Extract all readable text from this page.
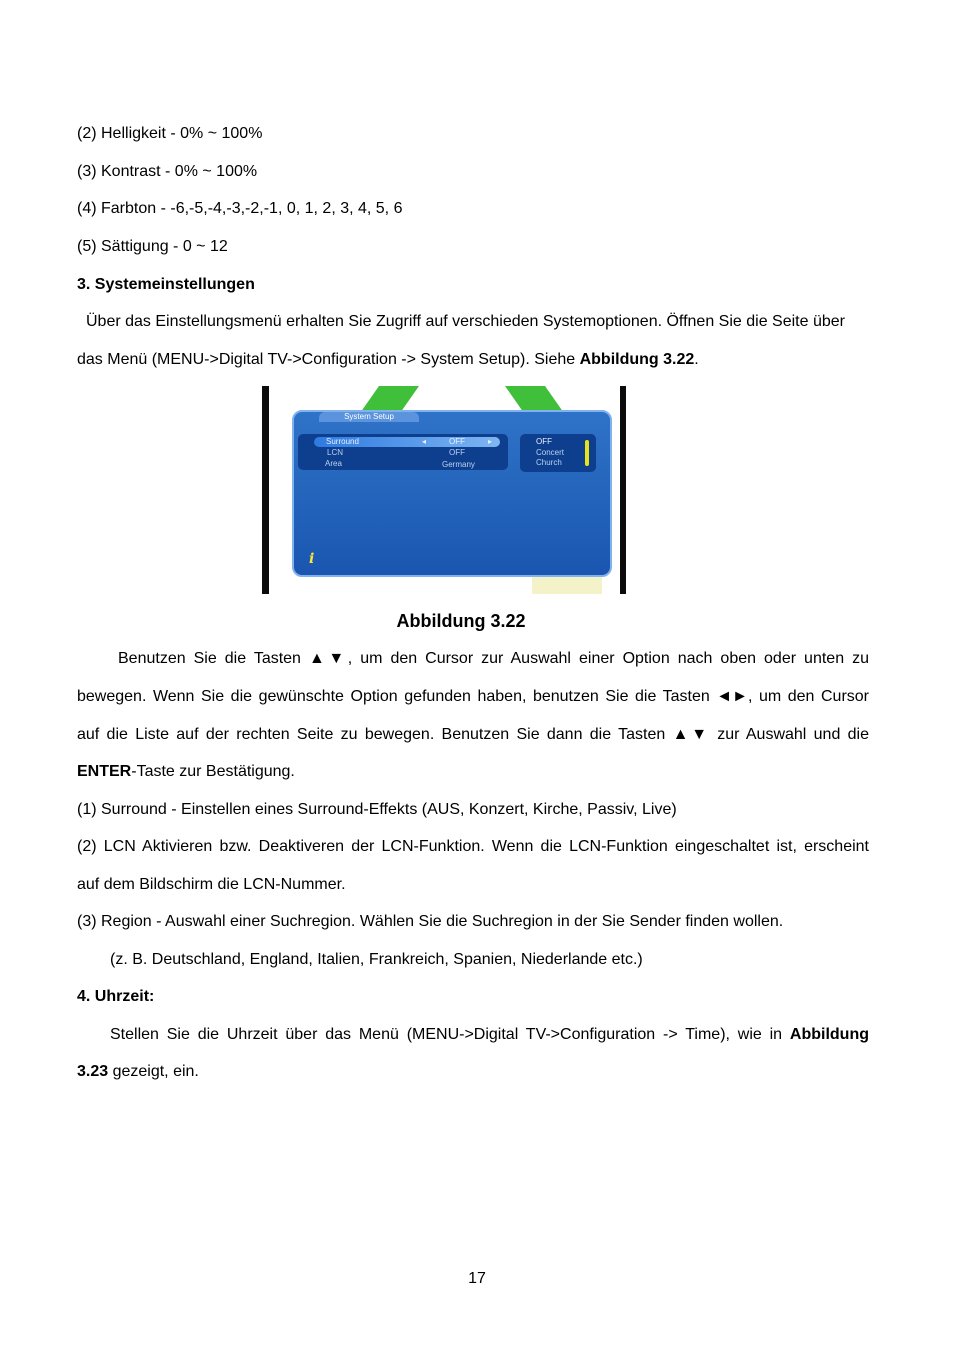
(2) Helligkeit - 0% ~ 100%
(3) Kontrast - 0% ~ 100%
(4) Farbton - -6,-5,-4,-3,-2,-1, 0, 1, 2, 3, 4, 5, 6
(5) Sättigung - 0 ~ 12
3. Systemeinstellungen
Über das Einstellungsmenü erhalten Sie Zugriff auf verschieden Systemoptionen. Öffnen Sie die Seite über
das Menü (MENU->Digital TV->Configuration -> System Setup). Siehe Abbildung 3.22.
System Setup
Surround	◂	OFF	▸
LCN	OFF
Area	Germany
OFF
Concert
Church
i
Abbildung 3.22
Benutzen Sie die Tasten ▲▼, um den Cursor zur Auswahl einer Option nach oben oder unten zu
bewegen. Wenn Sie die gewünschte Option gefunden haben, benutzen Sie die Tasten ◄►, um den Cursor
auf die Liste auf der rechten Seite zu bewegen. Benutzen Sie dann die Tasten ▲▼ zur Auswahl und die
ENTER-Taste zur Bestätigung.
(1) Surround - Einstellen eines Surround-Effekts (AUS, Konzert, Kirche, Passiv, Live)
(2) LCN Aktivieren bzw. Deaktiveren der LCN-Funktion. Wenn die LCN-Funktion eingeschaltet ist, erscheint
auf dem Bildschirm die LCN-Nummer.
(3) Region - Auswahl einer Suchregion. Wählen Sie die Suchregion in der Sie Sender finden wollen.
(z. B. Deutschland, England, Italien, Frankreich, Spanien, Niederlande etc.)
4. Uhrzeit:
Stellen Sie die Uhrzeit über das Menü (MENU->Digital TV->Configuration -> Time), wie in Abbildung
3.23 gezeigt, ein.
17
